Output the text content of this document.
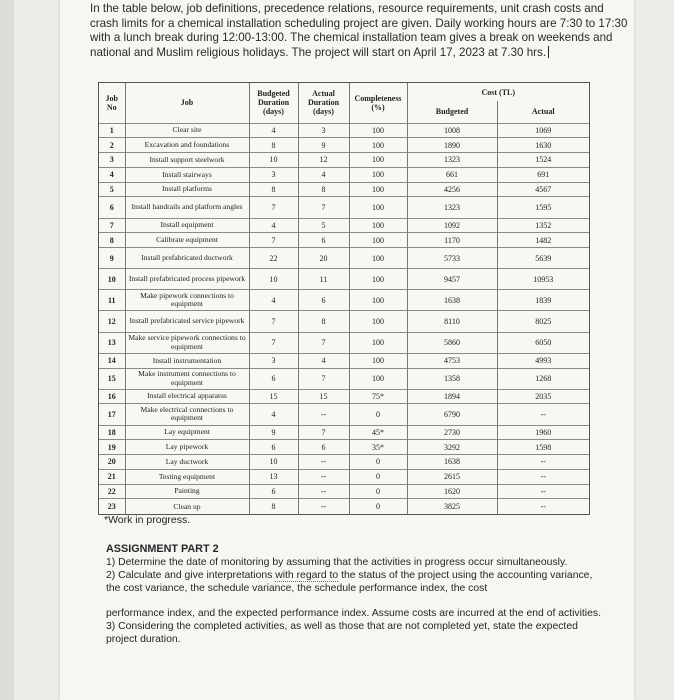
In the table below, job definitions, precedence relations, resource requirements, unit crash costs and crash limits for a chemical installation scheduling project are given. Daily working hours are 7:30 to 17:30 with a lunch break during 12:00-13:00. The chemical installation team gives a break on weekends and national and Muslim religious holidays. The project will start on April 17, 2023 at 7.30 hrs.
Job No	Job	Budgeted Duration (days)	Actual Duration (days)	Completeness (%)	Cost (TL)	
					Budgeted	Actual
1	Clear site	4	3	100	1008	1069
2	Excavation and foundations	8	9	100	1890	1630
3	Install support steelwork	10	12	100	1323	1524
4	Install stairways	3	4	100	661	691
5	Install platforms	8	8	100	4256	4567
6	Install handrails and platform angles	7	7	100	1323	1595
7	Install equipment	4	5	100	1092	1352
8	Calibrate equipment	7	6	100	1170	1482
9	Install prefabricated ductwork	22	20	100	5733	5639
10	Install prefabricated process pipework	10	11	100	9457	10953
11	Make pipework connections to equipment	4	6	100	1638	1839
12	Install prefabricated service pipework	7	8	100	8110	8025
13	Make service pipework connections to equipment	7	7	100	5860	6050
14	Install instrumentation	3	4	100	4753	4993
15	Make instrument connections to equipment	6	7	100	1358	1268
16	Install electrical apparatus	15	15	75*	1894	2035
17	Make electrical connections to equipment	4	--	0	6790	--
18	Lay equipment	9	7	45*	2730	1960
19	Lay pipework	6	6	35*	3292	1598
20	Lay ductwork	10	--	0	1638	--
21	Testing equipment	13	--	0	2615	--
22	Painting	6	--	0	1620	--
23	Clean up	8	--	0	3825	--
*Work in progress.
ASSIGNMENT PART 2

1) Determine the date of monitoring by assuming that the activities in progress occur simultaneously.

2) Calculate and give interpretations with regard to the status of the project using the accounting variance, the cost variance, the schedule variance, the schedule performance index, the cost

performance index, and the expected performance index. Assume costs are incurred at the end of activities.

3) Considering the completed activities, as well as those that are not completed yet, state the expected project duration.
